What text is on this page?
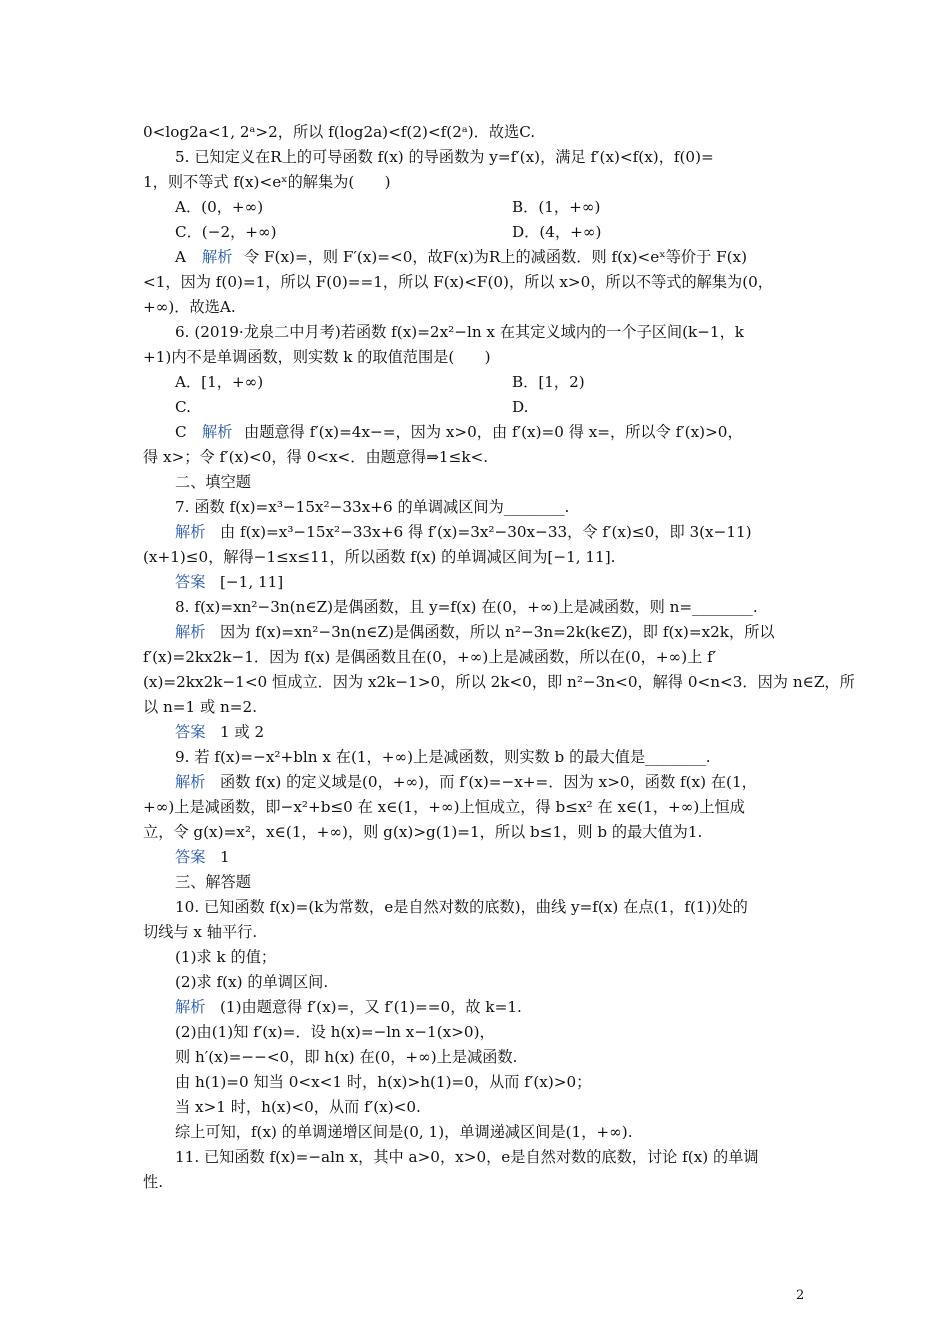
0<log2a<1, 2ᵃ>2，所以 f(log2a)<f(2)<f(2ᵃ)．故选C.
5. 已知定义在R上的可导函数 f(x) 的导函数为 y=f′(x)，满足 f′(x)<f(x)，f(0)=
1，则不等式 f(x)<eˣ的解集为(　　)
A．(0，+∞)	B．(1，+∞)
C．(−2，+∞)	D．(4，+∞)
A 解析 令 F(x)=，则 F′(x)=<0，故F(x)为R上的减函数．则 f(x)<eˣ等价于 F(x)
<1，因为 f(0)=1，所以 F(0)==1，所以 F(x)<F(0)，所以 x>0，所以不等式的解集为(0，
+∞)．故选A.
6. (2019·龙泉二中月考)若函数 f(x)=2x²−ln x 在其定义域内的一个子区间(k−1，k
+1)内不是单调函数，则实数 k 的取值范围是(　　)
A．[1，+∞)	B．[1，2)
C.	D.
C 解析 由题意得 f′(x)=4x−=，因为 x>0，由 f′(x)=0 得 x=，所以令 f′(x)>0，
得 x>；令 f′(x)<0，得 0<x<．由题意得⇒1≤k<.
二、填空题
7. 函数 f(x)=x³−15x²−33x+6 的单调减区间为________.
解析 由 f(x)=x³−15x²−33x+6 得 f′(x)=3x²−30x−33，令 f′(x)≤0，即 3(x−11)
(x+1)≤0，解得−1≤x≤11，所以函数 f(x) 的单调减区间为[−1, 11].
答案 [−1, 11]
8. f(x)=xn²−3n(n∈Z)是偶函数，且 y=f(x) 在(0，+∞)上是减函数，则 n=________.
解析 因为 f(x)=xn²−3n(n∈Z)是偶函数，所以 n²−3n=2k(k∈Z)，即 f(x)=x2k，所以
f′(x)=2kx2k−1．因为 f(x) 是偶函数且在(0，+∞)上是减函数，所以在(0，+∞)上 f′
(x)=2kx2k−1<0 恒成立．因为 x2k−1>0，所以 2k<0，即 n²−3n<0，解得 0<n<3．因为 n∈Z，所
以 n=1 或 n=2.
答案 1 或 2
9. 若 f(x)=−x²+bln x 在(1，+∞)上是减函数，则实数 b 的最大值是________.
解析 函数 f(x) 的定义域是(0，+∞)，而 f′(x)=−x+=．因为 x>0，函数 f(x) 在(1，
+∞)上是减函数，即−x²+b≤0 在 x∈(1，+∞)上恒成立，得 b≤x² 在 x∈(1，+∞)上恒成
立，令 g(x)=x²，x∈(1，+∞)，则 g(x)>g(1)=1，所以 b≤1，则 b 的最大值为1.
答案 1
三、解答题
10. 已知函数 f(x)=(k为常数，e是自然对数的底数)，曲线 y=f(x) 在点(1，f(1))处的
切线与 x 轴平行.
(1)求 k 的值；
(2)求 f(x) 的单调区间.
解析 (1)由题意得 f′(x)=，又 f′(1)==0，故 k=1.
(2)由(1)知 f′(x)=．设 h(x)=−ln x−1(x>0)，
则 h′(x)=−−<0，即 h(x) 在(0，+∞)上是减函数.
由 h(1)=0 知当 0<x<1 时，h(x)>h(1)=0，从而 f′(x)>0；
当 x>1 时，h(x)<0，从而 f′(x)<0.
综上可知，f(x) 的单调递增区间是(0, 1)，单调递减区间是(1，+∞).
11. 已知函数 f(x)=−aln x，其中 a>0，x>0，e是自然对数的底数，讨论 f(x) 的单调
性.
2
